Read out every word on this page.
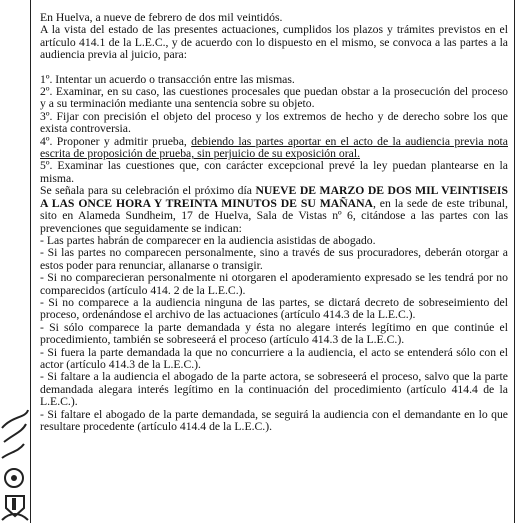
En Huelva, a nueve de febrero de dos mil veintidós.

A la vista del estado de las presentes actuaciones, cumplidos los plazos y trámites previstos en el artículo 414.1 de la L.E.C., y de acuerdo con lo dispuesto en el mismo, se convoca a las partes a la audiencia previa al juicio, para:

1º. Intentar un acuerdo o transacción entre las mismas.

2º. Examinar, en su caso, las cuestiones procesales que puedan obstar a la prosecución del proceso y a su terminación mediante una sentencia sobre su objeto.

3º. Fijar con precisión el objeto del proceso y los extremos de hecho y de derecho sobre los que exista controversia.

4º. Proponer y admitir prueba, debiendo las partes aportar en el acto de la audiencia previa nota escrita de proposición de prueba, sin perjuicio de su exposición oral.

5º. Examinar las cuestiones que, con carácter excepcional prevé la ley puedan plantearse en la misma.

Se señala para su celebración el próximo día NUEVE DE MARZO DE DOS MIL VEINTISEIS A LAS ONCE HORA Y TREINTA MINUTOS DE SU MAÑANA, en la sede de este tribunal, sito en Alameda Sundheim, 17 de Huelva, Sala de Vistas nº 6, citándose a las partes con las prevenciones que seguidamente se indican:

- Las partes habrán de comparecer en la audiencia asistidas de abogado.

- Si las partes no comparecen personalmente, sino a través de sus procuradores, deberán otorgar a estos poder para renunciar, allanarse o transigir.

- Si no comparecieran personalmente ni otorgaren el apoderamiento expresado se les tendrá por no comparecidos (artículo 414. 2 de la L.E.C.).

- Si no comparece a la audiencia ninguna de las partes, se dictará decreto de sobreseimiento del proceso, ordenándose el archivo de las actuaciones (artículo 414.3 de la L.E.C.).

- Si sólo comparece la parte demandada y ésta no alegare interés legítimo en que continúe el procedimiento, también se sobreseerá el proceso (artículo 414.3 de la L.E.C.).

- Si fuera la parte demandada la que no concurriere a la audiencia, el acto se entenderá sólo con el actor (artículo 414.3 de la L.E.C.).

- Si faltare a la audiencia el abogado de la parte actora, se sobreseerá el proceso, salvo que la parte demandada alegara interés legítimo en la continuación del procedimiento (artículo 414.4 de la L.E.C.).

- Si faltare el abogado de la parte demandada, se seguirá la audiencia con el demandante en lo que resultare procedente (artículo 414.4 de la L.E.C.).
